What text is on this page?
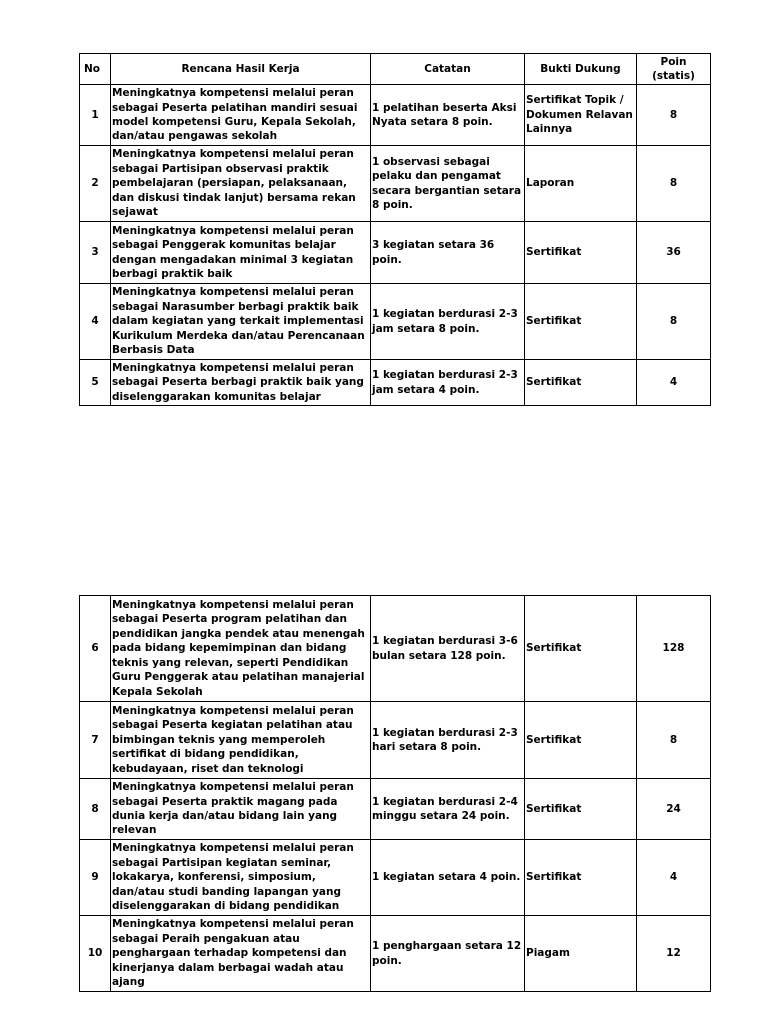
No	Rencana Hasil Kerja	Catatan	Bukti Dukung	Poin
(statis)

1	Meningkatnya kompetensi melalui peran sebagai Peserta pelatihan mandiri sesuai model kompetensi Guru, Kepala Sekolah, dan/atau pengawas sekolah	1 pelatihan beserta Aksi Nyata setara 8 poin.	Sertifikat Topik / Dokumen Relavan Lainnya	8
2	Meningkatnya kompetensi melalui peran sebagai Partisipan observasi praktik pembelajaran (persiapan, pelaksanaan, dan diskusi tindak lanjut) bersama rekan sejawat	1 observasi sebagai pelaku dan pengamat secara bergantian setara 8 poin.	Laporan	8
3	Meningkatnya kompetensi melalui peran sebagai Penggerak komunitas belajar dengan mengadakan minimal 3 kegiatan berbagi praktik baik	3 kegiatan setara 36 poin.	Sertifikat	36
4	Meningkatnya kompetensi melalui peran sebagai Narasumber berbagi praktik baik dalam kegiatan yang terkait implementasi Kurikulum Merdeka dan/atau Perencanaan Berbasis Data	1 kegiatan berdurasi 2-3 jam setara 8 poin.	Sertifikat	8
5	Meningkatnya kompetensi melalui peran sebagai Peserta berbagi praktik baik yang diselenggarakan komunitas belajar	1 kegiatan berdurasi 2-3 jam setara 4 poin.	Sertifikat	4
6	Meningkatnya kompetensi melalui peran sebagai Peserta program pelatihan dan pendidikan jangka pendek atau menengah pada bidang kepemimpinan dan bidang teknis yang relevan, seperti Pendidikan Guru Penggerak atau pelatihan manajerial Kepala Sekolah	1 kegiatan berdurasi 3-6 bulan setara 128 poin.	Sertifikat	128
7	Meningkatnya kompetensi melalui peran sebagai Peserta kegiatan pelatihan atau bimbingan teknis yang memperoleh sertifikat di bidang pendidikan, kebudayaan, riset dan teknologi	1 kegiatan berdurasi 2-3 hari setara 8 poin.	Sertifikat	8
8	Meningkatnya kompetensi melalui peran sebagai Peserta praktik magang pada dunia kerja dan/atau bidang lain yang relevan	1 kegiatan berdurasi 2-4 minggu setara 24 poin.	Sertifikat	24
9	Meningkatnya kompetensi melalui peran sebagai Partisipan kegiatan seminar, lokakarya, konferensi, simposium, dan/atau studi banding lapangan yang diselenggarakan di bidang pendidikan	1 kegiatan setara 4 poin.	Sertifikat	4
10	Meningkatnya kompetensi melalui peran sebagai Peraih pengakuan atau penghargaan terhadap kompetensi dan kinerjanya dalam berbagai wadah atau ajang	1 penghargaan setara 12 poin.	Piagam	12
